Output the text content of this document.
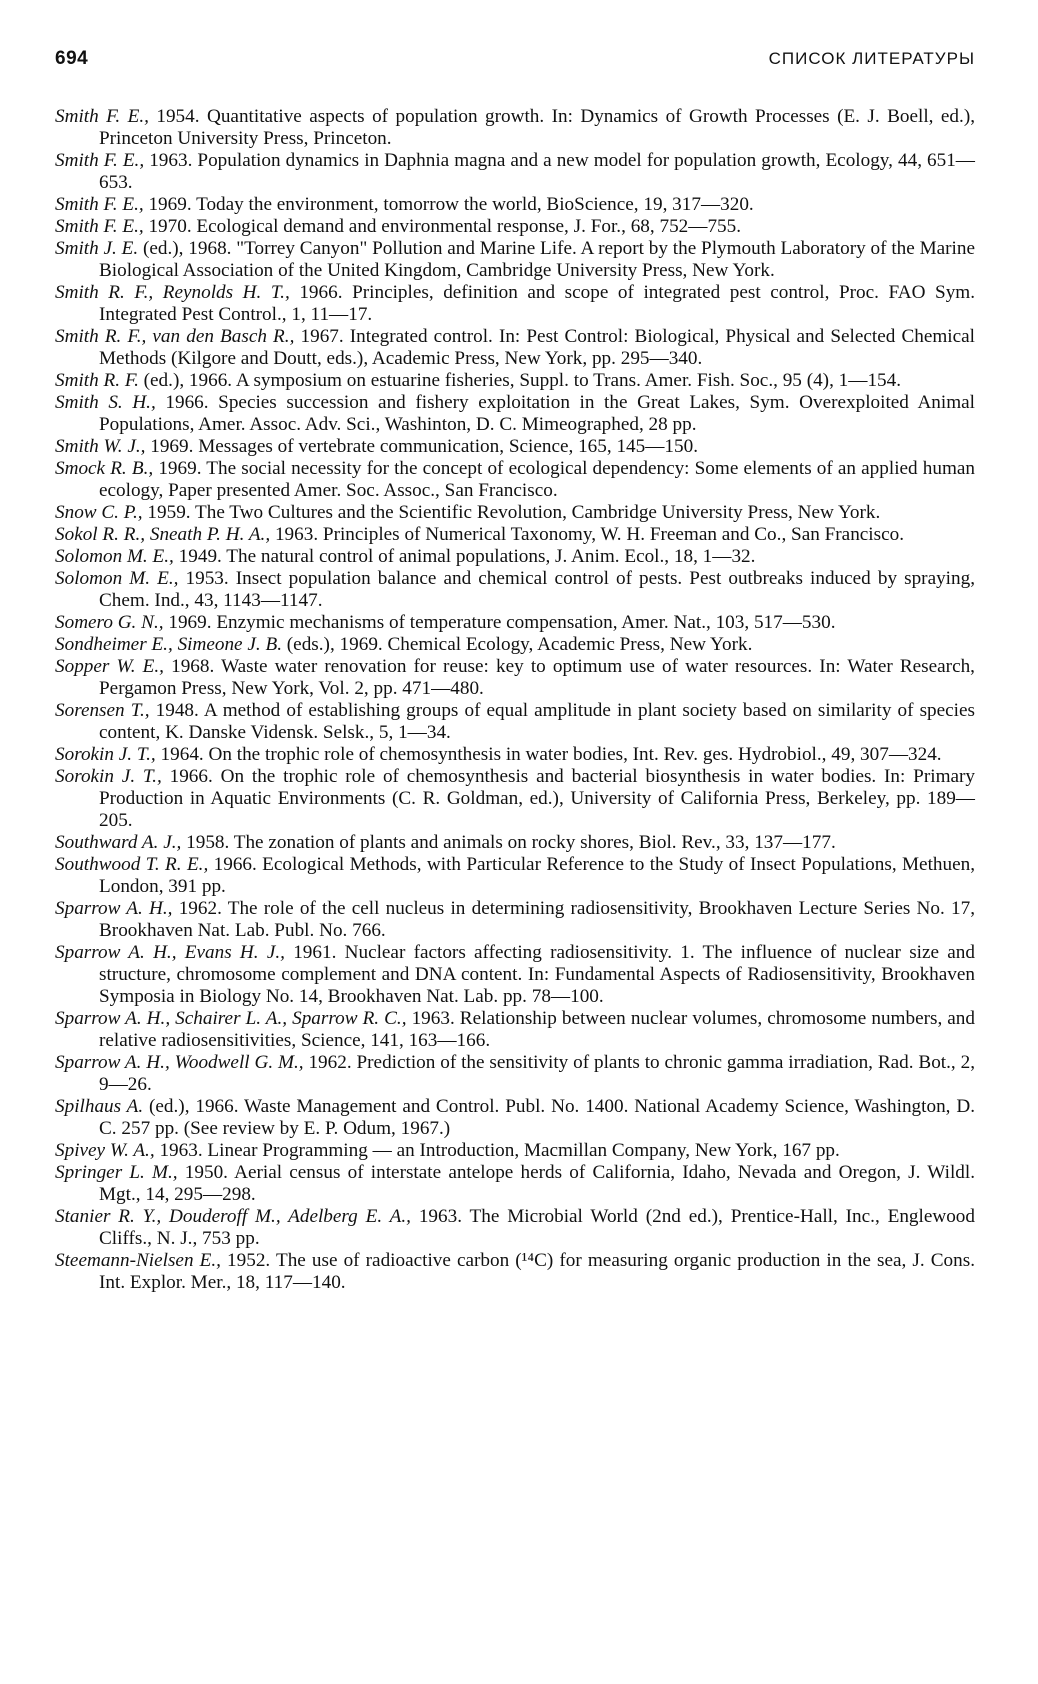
694	СПИСОК ЛИТЕРАТУРЫ
Smith F. E., 1954. Quantitative aspects of population growth. In: Dynamics of Growth Processes (E. J. Boell, ed.), Princeton University Press, Princeton.
Smith F. E., 1963. Population dynamics in Daphnia magna and a new model for population growth, Ecology, 44, 651—653.
Smith F. E., 1969. Today the environment, tomorrow the world, BioScience, 19, 317—320.
Smith F. E., 1970. Ecological demand and environmental response, J. For., 68, 752—755.
Smith J. E. (ed.), 1968. "Torrey Canyon" Pollution and Marine Life. A report by the Plymouth Laboratory of the Marine Biological Association of the United Kingdom, Cambridge University Press, New York.
Smith R. F., Reynolds H. T., 1966. Principles, definition and scope of integrated pest control, Proc. FAO Sym. Integrated Pest Control., 1, 11—17.
Smith R. F., van den Basch R., 1967. Integrated control. In: Pest Control: Biological, Physical and Selected Chemical Methods (Kilgore and Doutt, eds.), Academic Press, New York, pp. 295—340.
Smith R. F. (ed.), 1966. A symposium on estuarine fisheries, Suppl. to Trans. Amer. Fish. Soc., 95 (4), 1—154.
Smith S. H., 1966. Species succession and fishery exploitation in the Great Lakes, Sym. Overexploited Animal Populations, Amer. Assoc. Adv. Sci., Washinton, D. C. Mimeographed, 28 pp.
Smith W. J., 1969. Messages of vertebrate communication, Science, 165, 145—150.
Smock R. B., 1969. The social necessity for the concept of ecological dependency: Some elements of an applied human ecology, Paper presented Amer. Soc. Assoc., San Francisco.
Snow C. P., 1959. The Two Cultures and the Scientific Revolution, Cambridge University Press, New York.
Sokol R. R., Sneath P. H. A., 1963. Principles of Numerical Taxonomy, W. H. Freeman and Co., San Francisco.
Solomon M. E., 1949. The natural control of animal populations, J. Anim. Ecol., 18, 1—32.
Solomon M. E., 1953. Insect population balance and chemical control of pests. Pest outbreaks induced by spraying, Chem. Ind., 43, 1143—1147.
Somero G. N., 1969. Enzymic mechanisms of temperature compensation, Amer. Nat., 103, 517—530.
Sondheimer E., Simeone J. B. (eds.), 1969. Chemical Ecology, Academic Press, New York.
Sopper W. E., 1968. Waste water renovation for reuse: key to optimum use of water resources. In: Water Research, Pergamon Press, New York, Vol. 2, pp. 471—480.
Sorensen T., 1948. A method of establishing groups of equal amplitude in plant society based on similarity of species content, K. Danske Vidensk. Selsk., 5, 1—34.
Sorokin J. T., 1964. On the trophic role of chemosynthesis in water bodies, Int. Rev. ges. Hydrobiol., 49, 307—324.
Sorokin J. T., 1966. On the trophic role of chemosynthesis and bacterial biosynthesis in water bodies. In: Primary Production in Aquatic Environments (C. R. Goldman, ed.), University of California Press, Berkeley, pp. 189—205.
Southward A. J., 1958. The zonation of plants and animals on rocky shores, Biol. Rev., 33, 137—177.
Southwood T. R. E., 1966. Ecological Methods, with Particular Reference to the Study of Insect Populations, Methuen, London, 391 pp.
Sparrow A. H., 1962. The role of the cell nucleus in determining radiosensitivity, Brookhaven Lecture Series No. 17, Brookhaven Nat. Lab. Publ. No. 766.
Sparrow A. H., Evans H. J., 1961. Nuclear factors affecting radiosensitivity. 1. The influence of nuclear size and structure, chromosome complement and DNA content. In: Fundamental Aspects of Radiosensitivity, Brookhaven Symposia in Biology No. 14, Brookhaven Nat. Lab. pp. 78—100.
Sparrow A. H., Schairer L. A., Sparrow R. C., 1963. Relationship between nuclear volumes, chromosome numbers, and relative radiosensitivities, Science, 141, 163—166.
Sparrow A. H., Woodwell G. M., 1962. Prediction of the sensitivity of plants to chronic gamma irradiation, Rad. Bot., 2, 9—26.
Spilhaus A. (ed.), 1966. Waste Management and Control. Publ. No. 1400. National Academy Science, Washington, D. C. 257 pp. (See review by E. P. Odum, 1967.)
Spivey W. A., 1963. Linear Programming — an Introduction, Macmillan Company, New York, 167 pp.
Springer L. M., 1950. Aerial census of interstate antelope herds of California, Idaho, Nevada and Oregon, J. Wildl. Mgt., 14, 295—298.
Stanier R. Y., Douderoff M., Adelberg E. A., 1963. The Microbial World (2nd ed.), Prentice-Hall, Inc., Englewood Cliffs., N. J., 753 pp.
Steemann-Nielsen E., 1952. The use of radioactive carbon (¹⁴C) for measuring organic production in the sea, J. Cons. Int. Explor. Mer., 18, 117—140.
